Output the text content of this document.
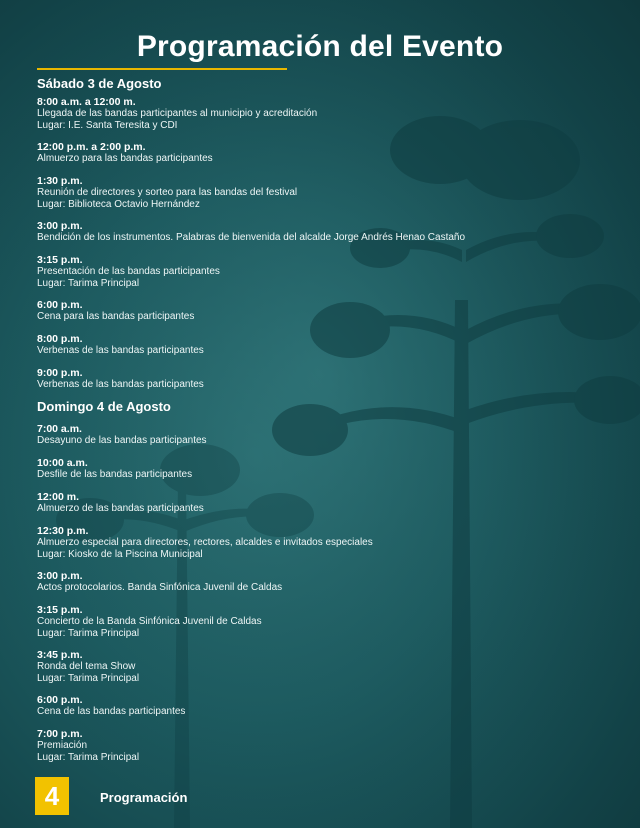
Programación del Evento
Sábado 3 de Agosto
8:00 a.m. a 12:00 m.
Llegada de las bandas participantes al municipio y acreditación
Lugar: I.E. Santa Teresita y CDI
12:00 p.m. a 2:00 p.m.
Almuerzo para las bandas participantes
1:30 p.m.
Reunión de directores y sorteo para las bandas del festival
Lugar: Biblioteca Octavio Hernández
3:00 p.m.
Bendición de los instrumentos. Palabras de bienvenida del alcalde Jorge Andrés Henao Castaño
3:15 p.m.
Presentación de las bandas participantes
Lugar: Tarima Principal
6:00 p.m.
Cena para las bandas participantes
8:00 p.m.
Verbenas de las bandas participantes
9:00 p.m.
Verbenas de las bandas participantes
Domingo 4 de Agosto
7:00 a.m.
Desayuno de las bandas participantes
10:00 a.m.
Desfile de las bandas participantes
12:00 m.
Almuerzo de las bandas participantes
12:30 p.m.
Almuerzo especial para directores, rectores, alcaldes e invitados especiales
Lugar: Kiosko de la Piscina Municipal
3:00 p.m.
Actos protocolarios. Banda Sinfónica Juvenil de Caldas
3:15 p.m.
Concierto de la Banda Sinfónica Juvenil de Caldas
Lugar: Tarima Principal
3:45 p.m.
Ronda del tema Show
Lugar: Tarima Principal
6:00 p.m.
Cena de las bandas participantes
7:00 p.m.
Premiación
Lugar: Tarima Principal
4	Programación
